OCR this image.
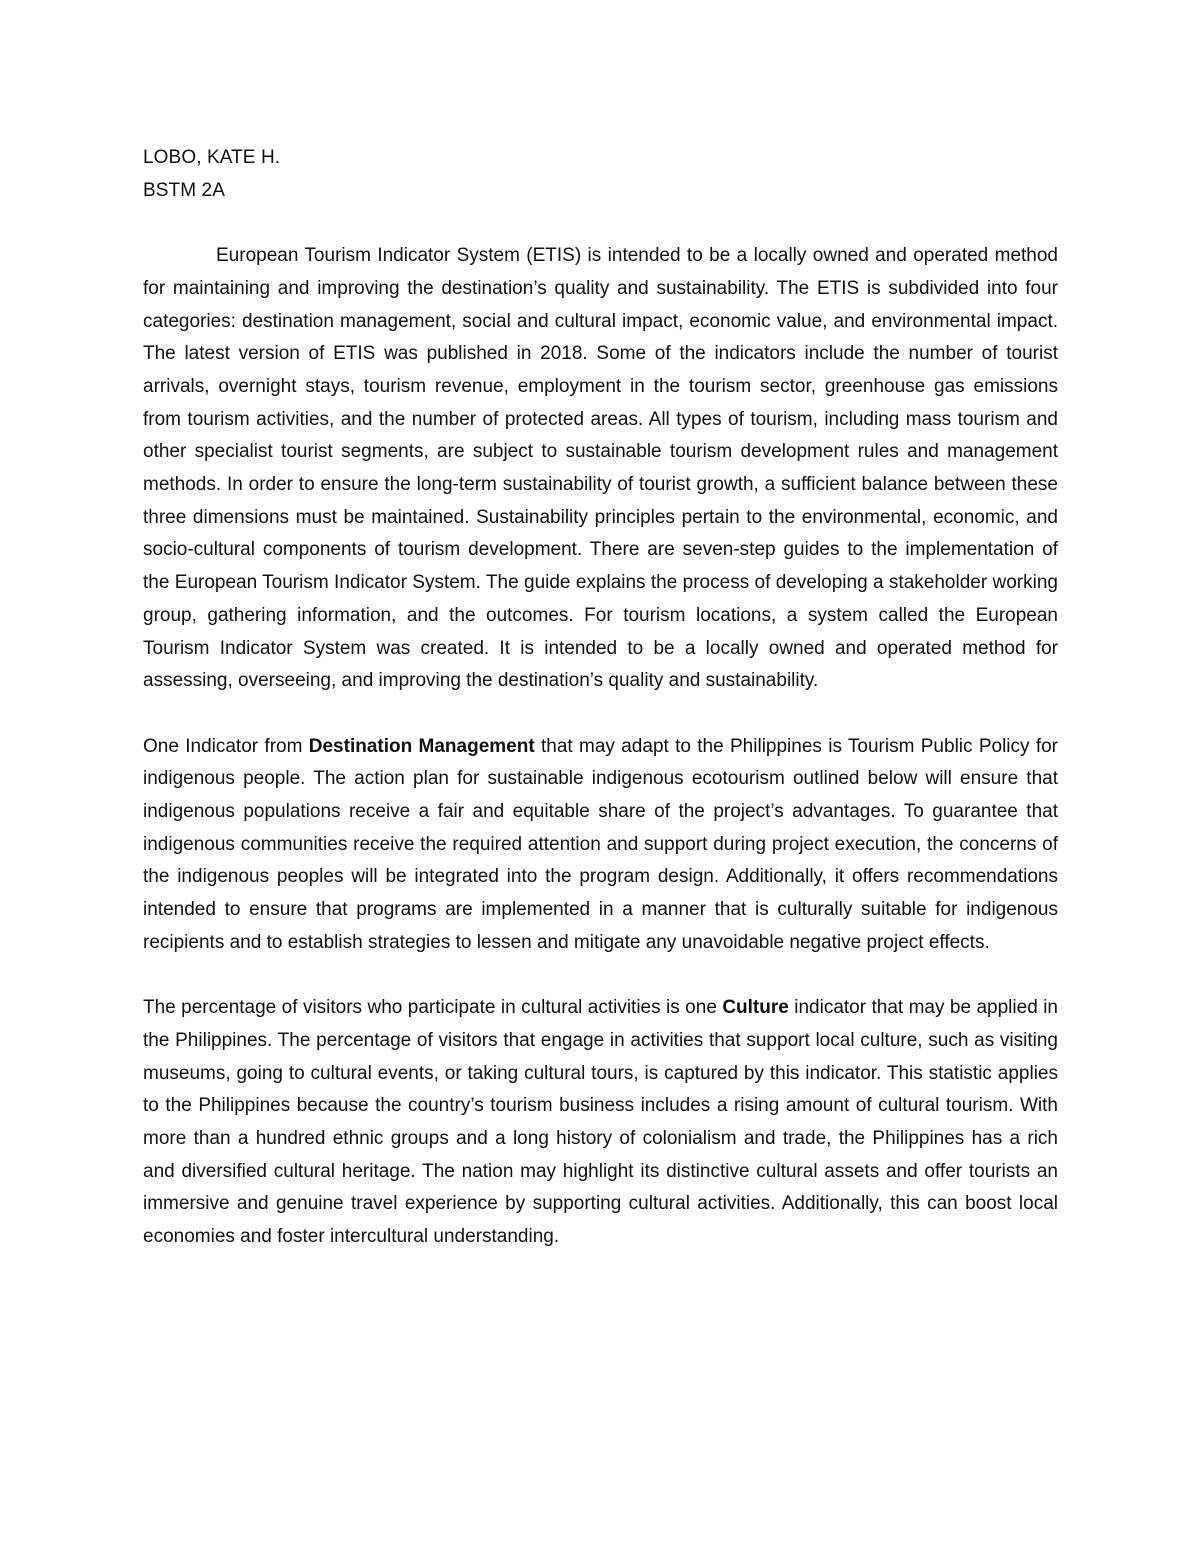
LOBO, KATE H.

BSTM 2A

European Tourism Indicator System (ETIS) is intended to be a locally owned and operated method for maintaining and improving the destination’s quality and sustainability. The ETIS is subdivided into four categories: destination management, social and cultural impact, economic value, and environmental impact. The latest version of ETIS was published in 2018. Some of the indicators include the number of tourist arrivals, overnight stays, tourism revenue, employment in the tourism sector, greenhouse gas emissions from tourism activities, and the number of protected areas. All types of tourism, including mass tourism and other specialist tourist segments, are subject to sustainable tourism development rules and management methods. In order to ensure the long-term sustainability of tourist growth, a sufficient balance between these three dimensions must be maintained. Sustainability principles pertain to the environmental, economic, and socio-cultural components of tourism development. There are seven-step guides to the implementation of the European Tourism Indicator System. The guide explains the process of developing a stakeholder working group, gathering information, and the outcomes. For tourism locations, a system called the European Tourism Indicator System was created. It is intended to be a locally owned and operated method for assessing, overseeing, and improving the destination’s quality and sustainability.

One Indicator from Destination Management that may adapt to the Philippines is Tourism Public Policy for indigenous people. The action plan for sustainable indigenous ecotourism outlined below will ensure that indigenous populations receive a fair and equitable share of the project’s advantages. To guarantee that indigenous communities receive the required attention and support during project execution, the concerns of the indigenous peoples will be integrated into the program design. Additionally, it offers recommendations intended to ensure that programs are implemented in a manner that is culturally suitable for indigenous recipients and to establish strategies to lessen and mitigate any unavoidable negative project effects.

The percentage of visitors who participate in cultural activities is one Culture indicator that may be applied in the Philippines. The percentage of visitors that engage in activities that support local culture, such as visiting museums, going to cultural events, or taking cultural tours, is captured by this indicator. This statistic applies to the Philippines because the country’s tourism business includes a rising amount of cultural tourism. With more than a hundred ethnic groups and a long history of colonialism and trade, the Philippines has a rich and diversified cultural heritage. The nation may highlight its distinctive cultural assets and offer tourists an immersive and genuine travel experience by supporting cultural activities. Additionally, this can boost local economies and foster intercultural understanding.
